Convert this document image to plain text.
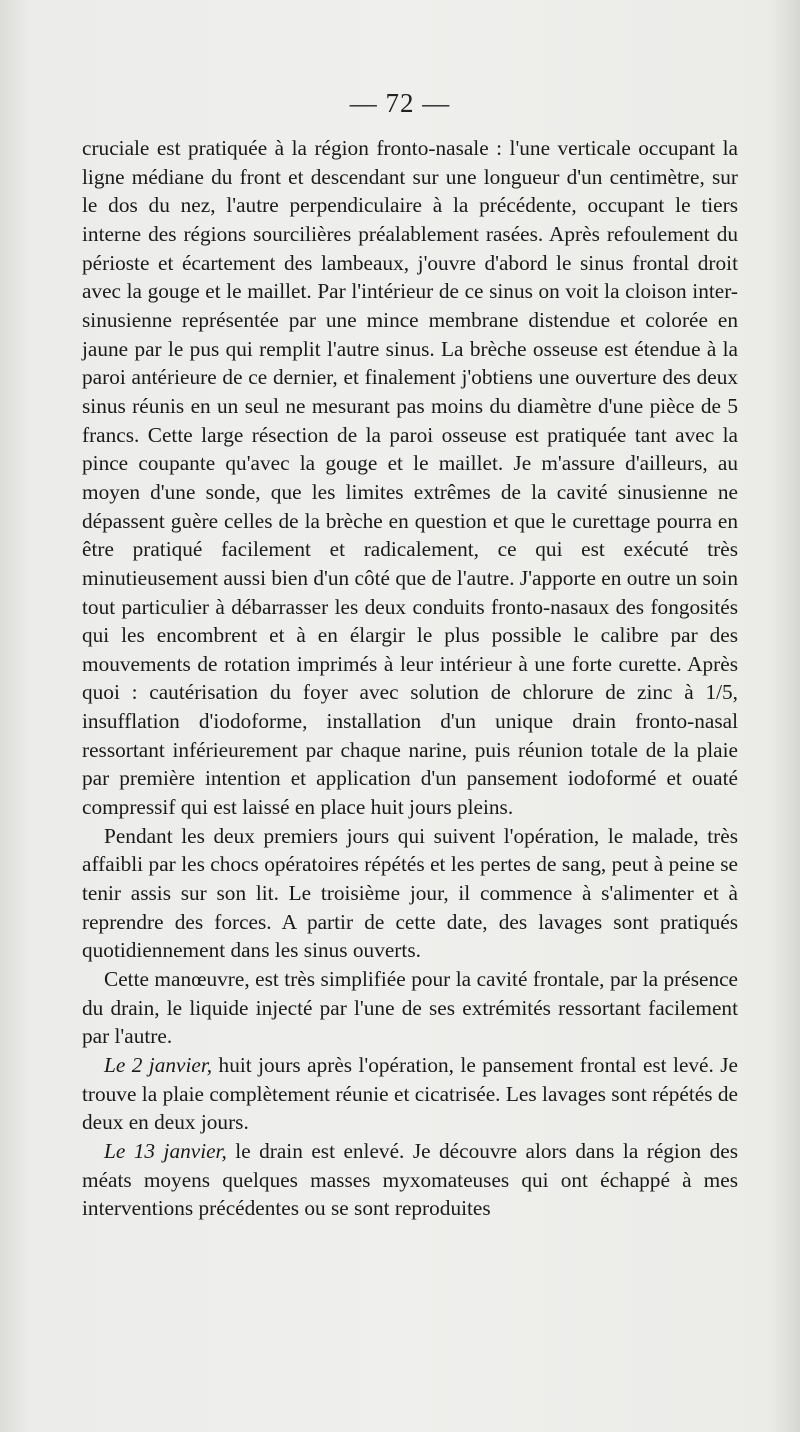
— 72 —

cruciale est pratiquée à la région fronto-nasale : l'une verticale occupant la ligne médiane du front et descendant sur une longueur d'un centimètre, sur le dos du nez, l'autre perpendiculaire à la précédente, occupant le tiers interne des régions sourcilières préalablement rasées. Après refoulement du périoste et écartement des lambeaux, j'ouvre d'abord le sinus frontal droit avec la gouge et le maillet. Par l'intérieur de ce sinus on voit la cloison inter-sinusienne représentée par une mince membrane distendue et colorée en jaune par le pus qui remplit l'autre sinus. La brèche osseuse est étendue à la paroi antérieure de ce dernier, et finalement j'obtiens une ouverture des deux sinus réunis en un seul ne mesurant pas moins du diamètre d'une pièce de 5 francs. Cette large résection de la paroi osseuse est pratiquée tant avec la pince coupante qu'avec la gouge et le maillet. Je m'assure d'ailleurs, au moyen d'une sonde, que les limites extrêmes de la cavité sinusienne ne dépassent guère celles de la brèche en question et que le curettage pourra en être pratiqué facilement et radicalement, ce qui est exécuté très minutieusement aussi bien d'un côté que de l'autre. J'apporte en outre un soin tout particulier à débarrasser les deux conduits fronto-nasaux des fongosités qui les encombrent et à en élargir le plus possible le calibre par des mouvements de rotation imprimés à leur intérieur à une forte curette. Après quoi : cautérisation du foyer avec solution de chlorure de zinc à 1/5, insufflation d'iodoforme, installation d'un unique drain fronto-nasal ressortant inférieurement par chaque narine, puis réunion totale de la plaie par première intention et application d'un pansement iodoformé et ouaté compressif qui est laissé en place huit jours pleins.

Pendant les deux premiers jours qui suivent l'opération, le malade, très affaibli par les chocs opératoires répétés et les pertes de sang, peut à peine se tenir assis sur son lit. Le troisième jour, il commence à s'alimenter et à reprendre des forces. A partir de cette date, des lavages sont pratiqués quotidiennement dans les sinus ouverts.

Cette manœuvre, est très simplifiée pour la cavité frontale, par la présence du drain, le liquide injecté par l'une de ses extrémités ressortant facilement par l'autre.

Le 2 janvier, huit jours après l'opération, le pansement frontal est levé. Je trouve la plaie complètement réunie et cicatrisée. Les lavages sont répétés de deux en deux jours.

Le 13 janvier, le drain est enlevé. Je découvre alors dans la région des méats moyens quelques masses myxomateuses qui ont échappé à mes interventions précédentes ou se sont reproduites
